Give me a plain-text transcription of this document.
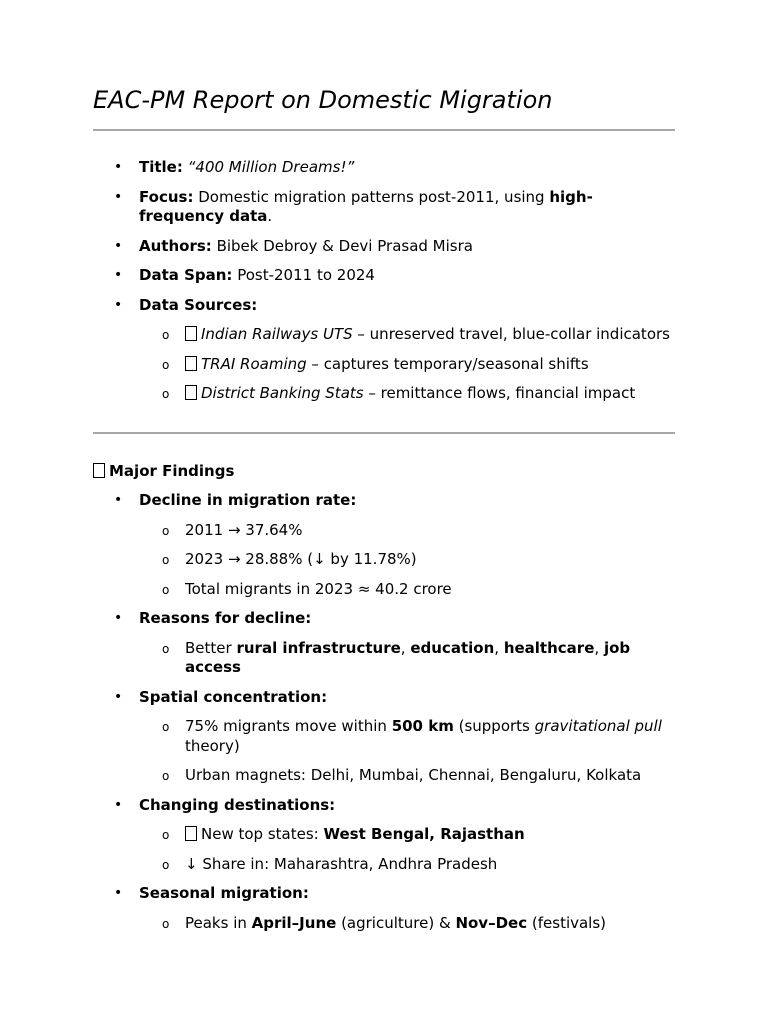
EAC-PM Report on Domestic Migration
• Title: “400 Million Dreams!”
• Focus: Domestic migration patterns post-2011, using high-frequency data.
• Authors: Bibek Debroy & Devi Prasad Misra
• Data Span: Post-2011 to 2024
• Data Sources:
o Indian Railways UTS – unreserved travel, blue-collar indicators
o TRAI Roaming – captures temporary/seasonal shifts
o District Banking Stats – remittance flows, financial impact
Major Findings
• Decline in migration rate:
o 2011 → 37.64%
o 2023 → 28.88% (↓ by 11.78%)
o Total migrants in 2023 ≈ 40.2 crore
• Reasons for decline:
o Better rural infrastructure, education, healthcare, job access
• Spatial concentration:
o 75% migrants move within 500 km (supports gravitational pull theory)
o Urban magnets: Delhi, Mumbai, Chennai, Bengaluru, Kolkata
• Changing destinations:
o New top states: West Bengal, Rajasthan
o ↓ Share in: Maharashtra, Andhra Pradesh
• Seasonal migration:
o Peaks in April–June (agriculture) & Nov–Dec (festivals)
